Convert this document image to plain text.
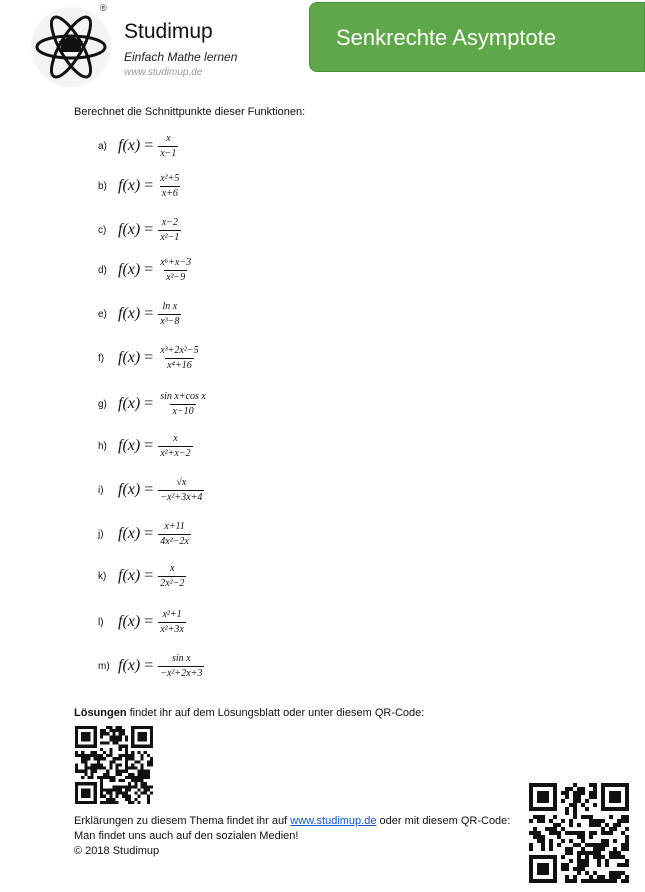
®
Studimup
Einfach Mathe lernen
www.studimup.de
Senkrechte Asymptote
Berechnet die Schnittpunkte dieser Funktionen:
a) $f(x) = \frac{x}{x-1}$
b) $f(x) = \frac{\text{x²+5}}{x+6}$
c) $f(x) = \frac{x-2}{\text{x²−1}}$
d) $f(x) = \frac{\text{x⁶+x−3}}{\text{x²−9}}$
e) $f(x) = \frac{\text{ln x}}{\text{x³−8}}$
f) $f(x) = \frac{\text{x³+2x²−5}}{\text{x⁴+16}}$
g) $f(x) = \frac{\text{sin x+cos x}}{x-10}$
h) $f(x) = \frac{x}{\text{x²+x−2}}$
i) $f(x) = \frac{√x}{\text{−x²+3x+4}}$
j) $f(x) = \frac{x+11}{\text{4x²−2x}}$
k) $f(x) = \frac{x}{\text{2x²−2}}$
l) $f(x) = \frac{\text{x²+1}}{\text{x²+3x}}$
m) $f(x) = \frac{\text{sin x}}{\text{−x²+2x+3}}$
Lösungen findet ihr auf dem Lösungsblatt oder unter diesem QR-Code:
Erklärungen zu diesem Thema findet ihr auf www.studimup.de oder mit diesem QR-Code:
Man findet uns auch auf den sozialen Medien!
© 2018 Studimup
